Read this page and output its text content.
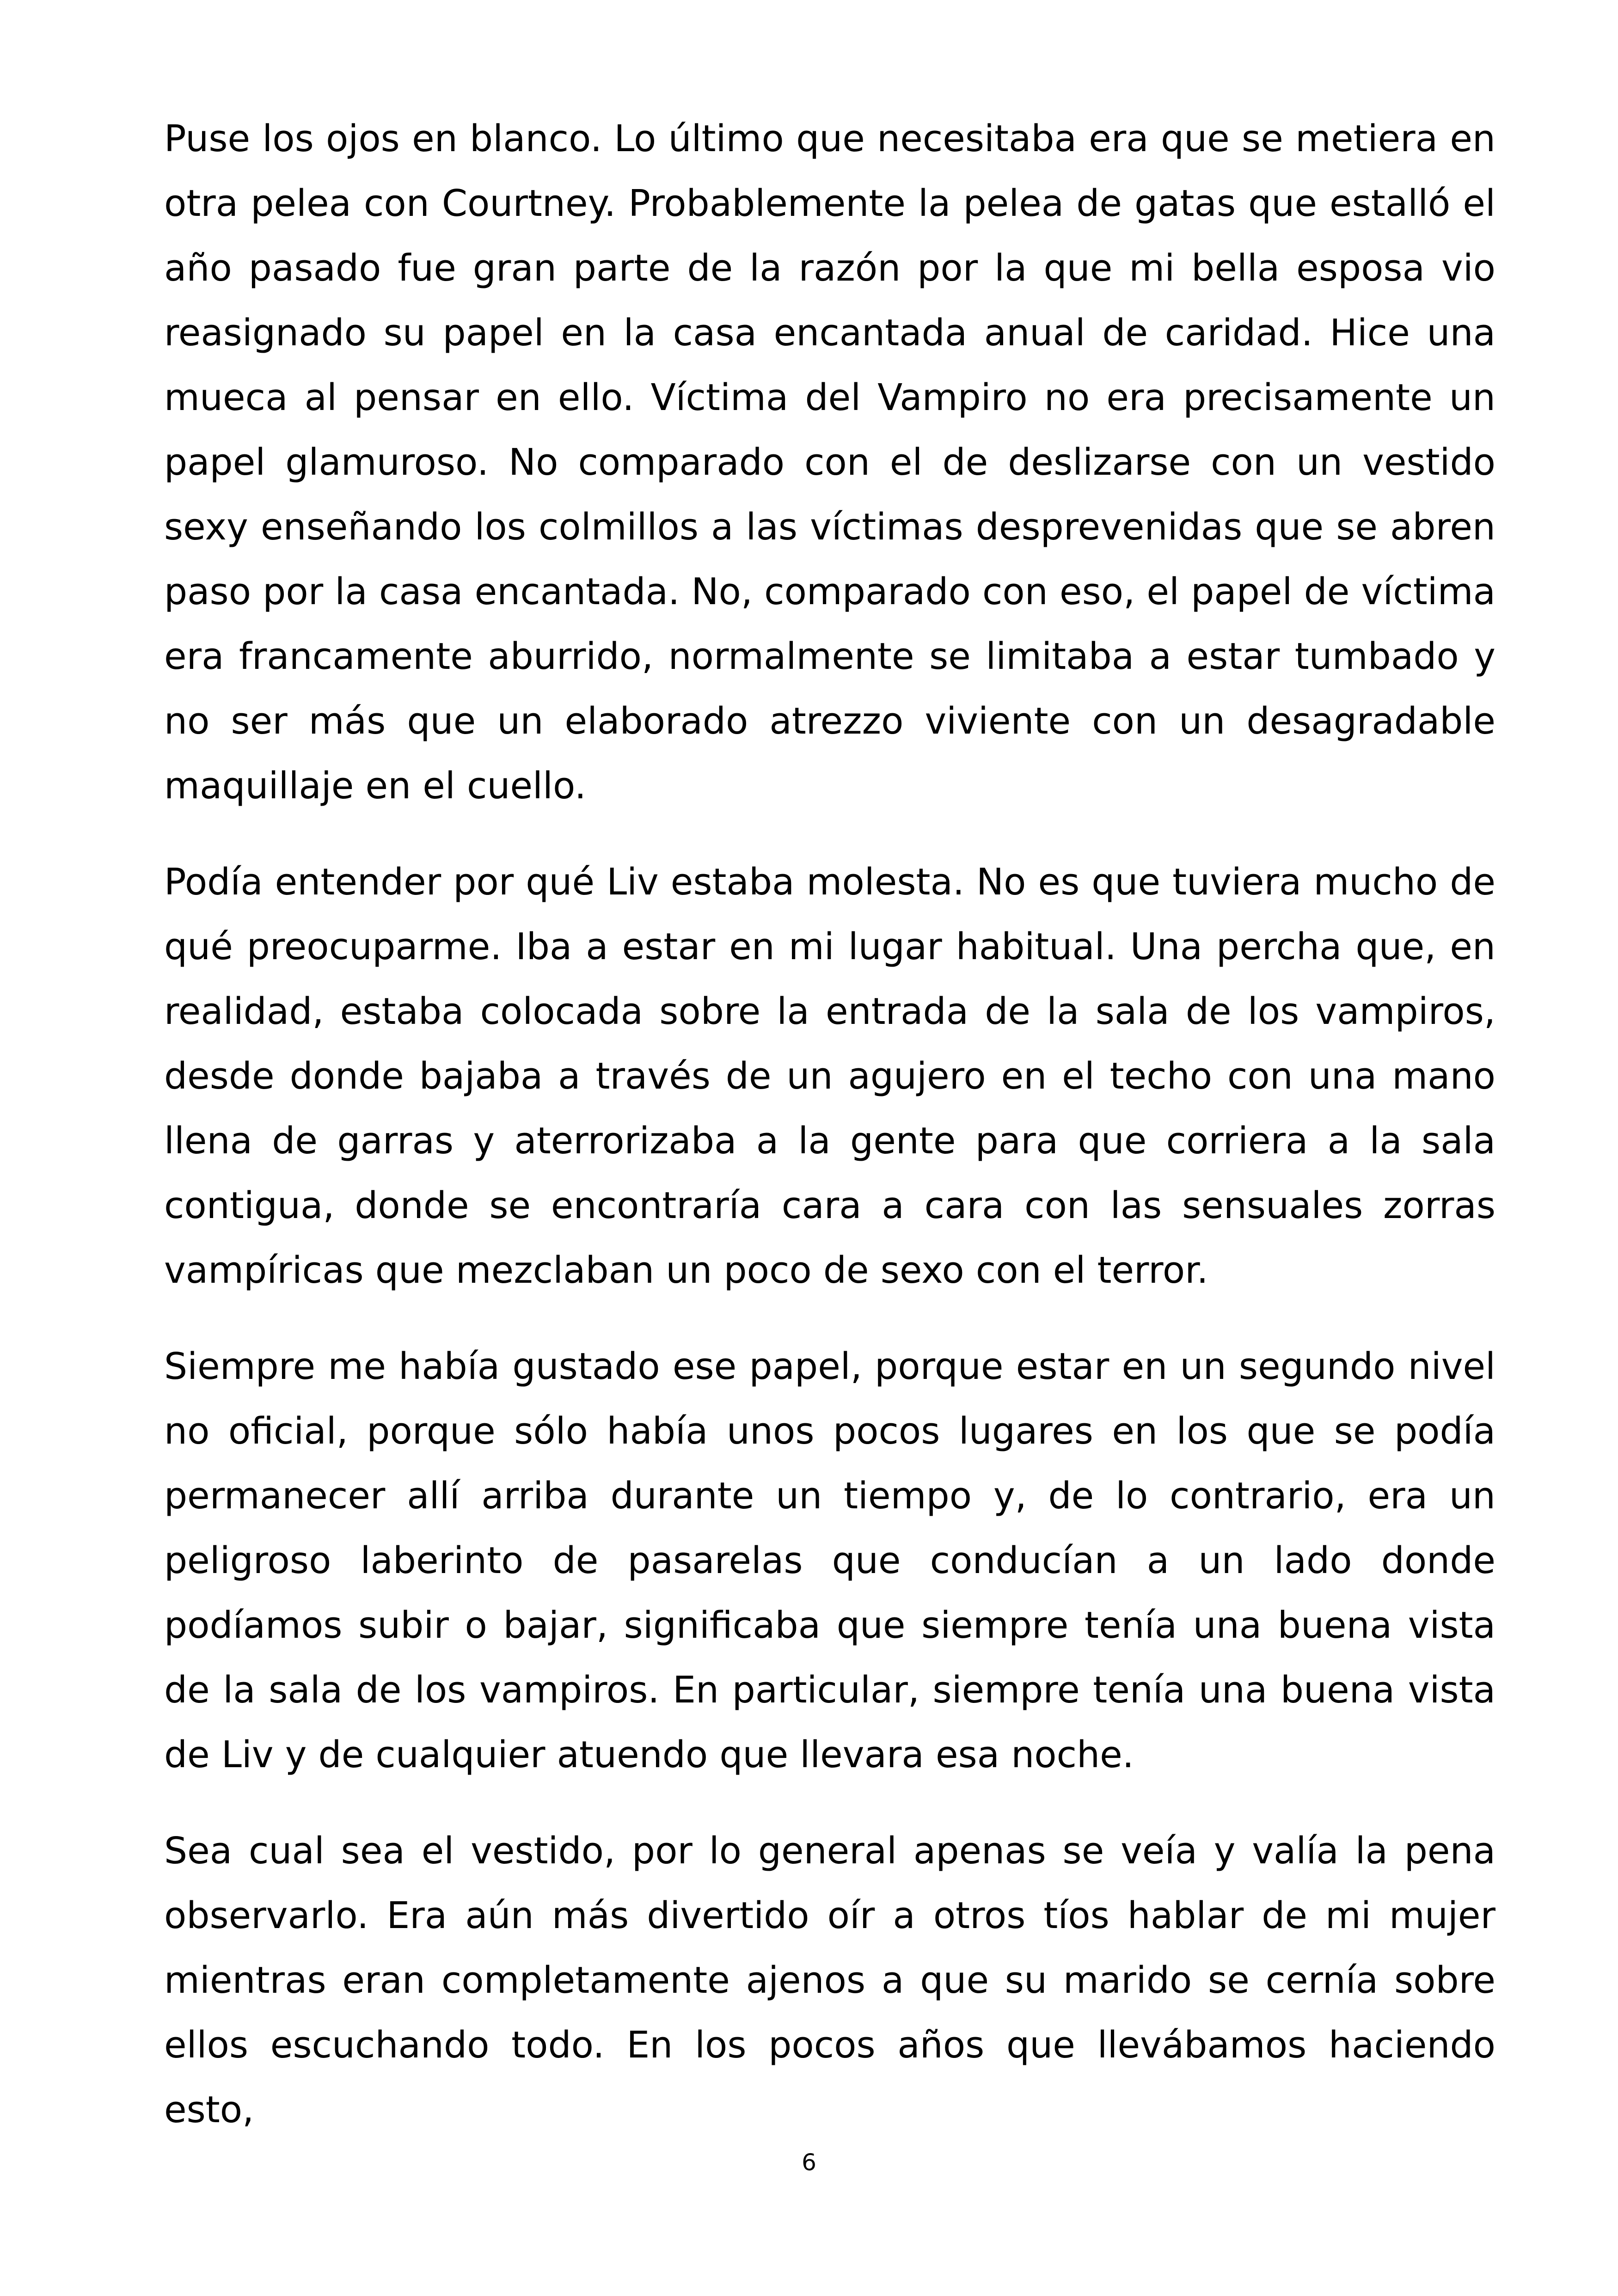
Puse los ojos en blanco. Lo último que necesitaba era que se metiera en otra pelea con Courtney. Probablemente la pelea de gatas que estalló el año pasado fue gran parte de la razón por la que mi bella esposa vio reasignado su papel en la casa encantada anual de caridad. Hice una mueca al pensar en ello. Víctima del Vampiro no era precisamente un papel glamuroso. No comparado con el de deslizarse con un vestido sexy enseñando los colmillos a las víctimas desprevenidas que se abren paso por la casa encantada. No, comparado con eso, el papel de víctima era francamente aburrido, normalmente se limitaba a estar tumbado y no ser más que un elaborado atrezzo viviente con un desagradable maquillaje en el cuello.

Podía entender por qué Liv estaba molesta. No es que tuviera mucho de qué preocuparme. Iba a estar en mi lugar habitual. Una percha que, en realidad, estaba colocada sobre la entrada de la sala de los vampiros, desde donde bajaba a través de un agujero en el techo con una mano llena de garras y aterrorizaba a la gente para que corriera a la sala contigua, donde se encontraría cara a cara con las sensuales zorras vampíricas que mezclaban un poco de sexo con el terror.

Siempre me había gustado ese papel, porque estar en un segundo nivel no oficial, porque sólo había unos pocos lugares en los que se podía permanecer allí arriba durante un tiempo y, de lo contrario, era un peligroso laberinto de pasarelas que conducían a un lado donde podíamos subir o bajar, significaba que siempre tenía una buena vista de la sala de los vampiros. En particular, siempre tenía una buena vista de Liv y de cualquier atuendo que llevara esa noche.

Sea cual sea el vestido, por lo general apenas se veía y valía la pena observarlo. Era aún más divertido oír a otros tíos hablar de mi mujer mientras eran completamente ajenos a que su marido se cernía sobre ellos escuchando todo. En los pocos años que llevábamos haciendo esto,

6
